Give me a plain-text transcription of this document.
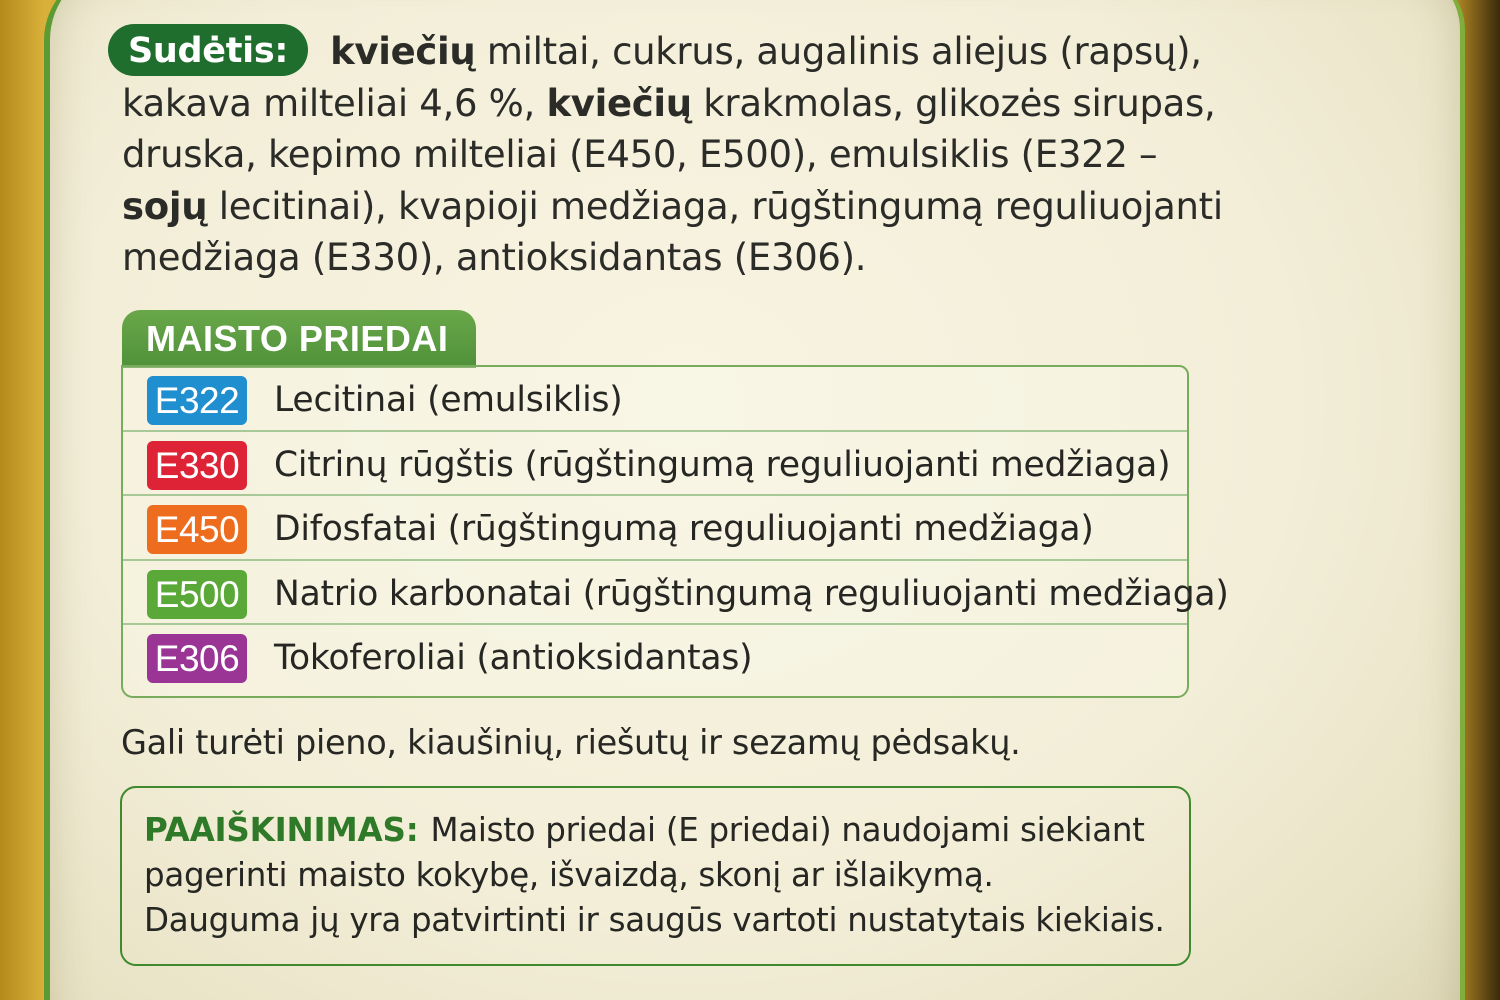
Sudėtis: kviečių miltai, cukrus, augalinis aliejus (rapsų),
kakava milteliai 4,6 %, kviečių krakmolas, glikozės sirupas,
druska, kepimo milteliai (E450, E500), emulsiklis (E322 –
sojų lecitinai), kvapioji medžiaga, rūgštingumą reguliuojanti
medžiaga (E330), antioksidantas (E306).
MAISTO PRIEDAI
E322 Lecitinai (emulsiklis)
E330 Citrinų rūgštis (rūgštingumą reguliuojanti medžiaga)
E450 Difosfatai (rūgštingumą reguliuojanti medžiaga)
E500 Natrio karbonatai (rūgštingumą reguliuojanti medžiaga)
E306 Tokoferoliai (antioksidantas)
Gali turėti pieno, kiaušinių, riešutų ir sezamų pėdsakų.
PAAIŠKINIMAS: Maisto priedai (E priedai) naudojami siekiant
pagerinti maisto kokybę, išvaizdą, skonį ar išlaikymą.
Dauguma jų yra patvirtinti ir saugūs vartoti nustatytais kiekiais.
